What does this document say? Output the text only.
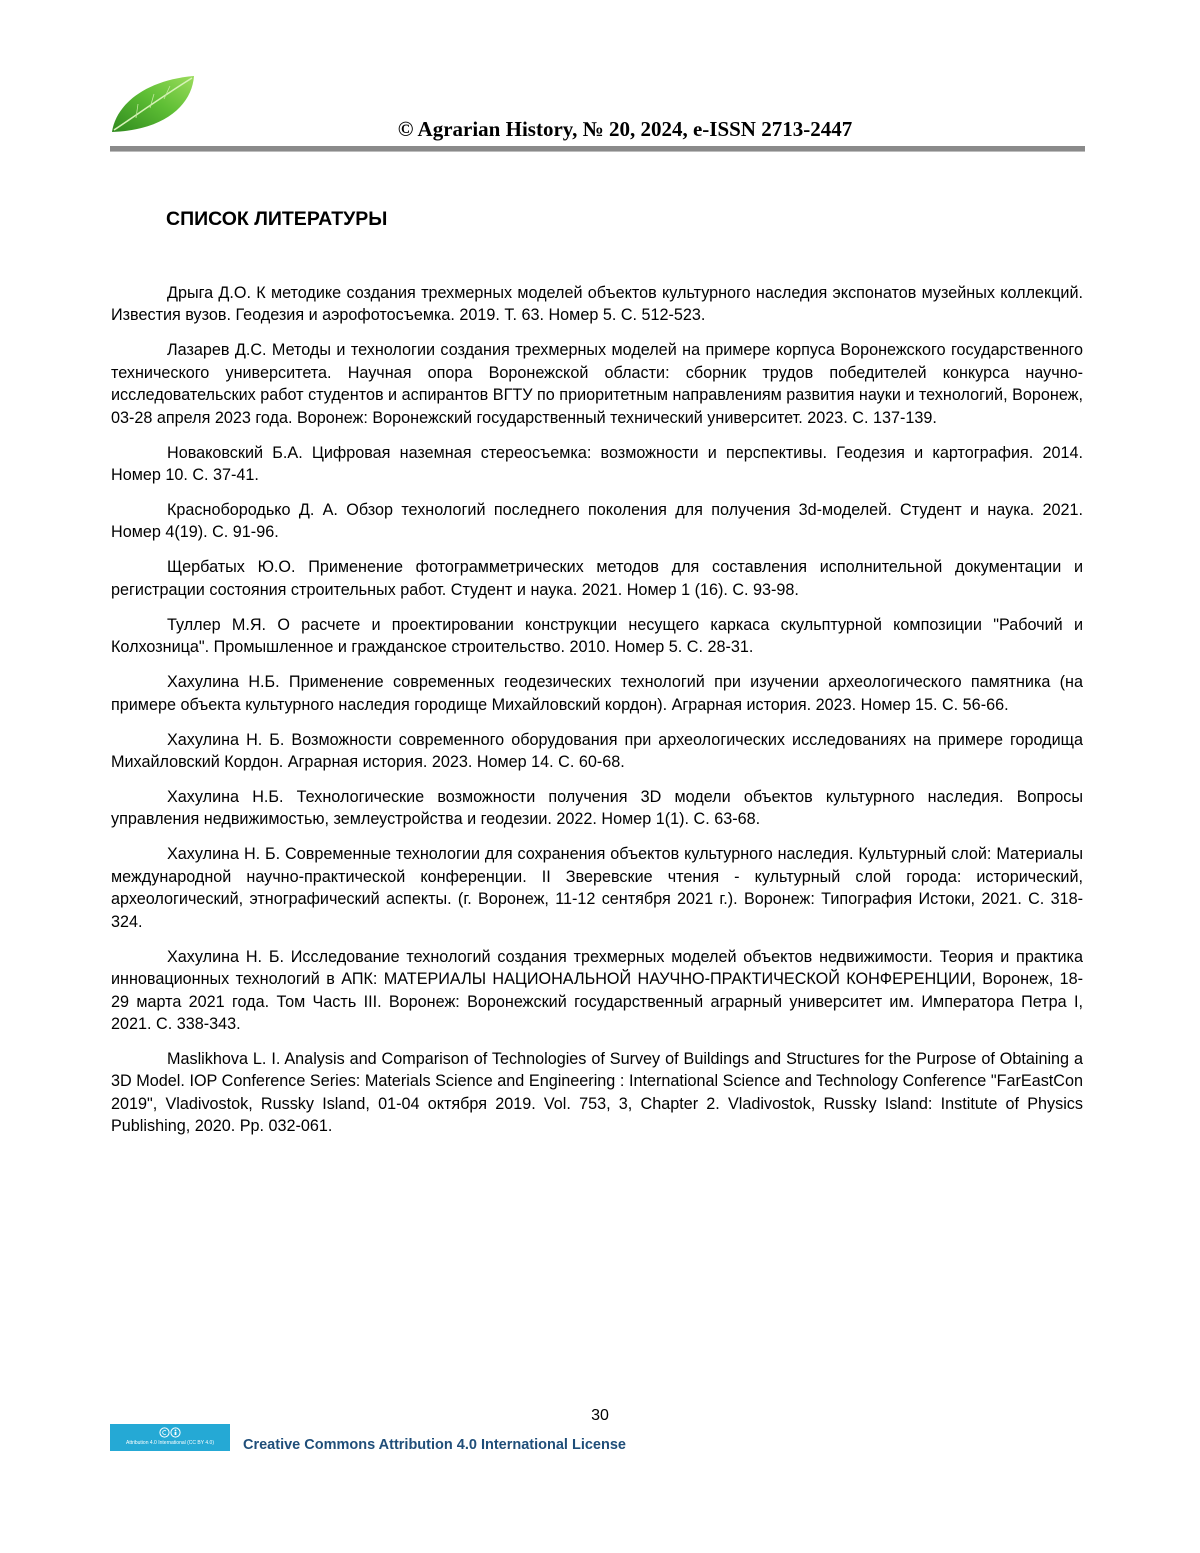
© Agrarian History, № 20, 2024, e-ISSN 2713-2447
СПИСОК ЛИТЕРАТУРЫ
Дрыга Д.О. К методике создания трехмерных моделей объектов культурного наследия экспонатов музейных коллекций. Известия вузов. Геодезия и аэрофотосъемка. 2019. Т. 63. Номер 5. С. 512-523.
Лазарев Д.С. Методы и технологии создания трехмерных моделей на примере корпуса Воронежского государственного технического университета. Научная опора Воронежской области: сборник трудов победителей конкурса научно-исследовательских работ студентов и аспирантов ВГТУ по приоритетным направлениям развития науки и технологий, Воронеж, 03-28 апреля 2023 года. Воронеж: Воронежский государственный технический университет. 2023. С. 137-139.
Новаковский Б.А. Цифровая наземная стереосъемка: возможности и перспективы. Геодезия и картография. 2014. Номер 10. С. 37-41.
Краснобородько Д. А. Обзор технологий последнего поколения для получения 3d-моделей. Студент и наука. 2021. Номер 4(19). С. 91-96.
Щербатых Ю.О. Применение фотограмметрических методов для составления исполнительной документации и регистрации состояния строительных работ. Студент и наука. 2021. Номер 1 (16). С. 93-98.
Туллер М.Я. О расчете и проектировании конструкции несущего каркаса скульптурной композиции "Рабочий и Колхозница". Промышленное и гражданское строительство. 2010. Номер 5. С. 28-31.
Хахулина Н.Б. Применение современных геодезических технологий при изучении археологического памятника (на примере объекта культурного наследия городище Михайловский кордон). Аграрная история. 2023. Номер 15. С. 56-66.
Хахулина Н. Б. Возможности современного оборудования при археологических исследованиях на примере городища Михайловский Кордон. Аграрная история. 2023. Номер 14. С. 60-68.
Хахулина Н.Б. Технологические возможности получения 3D модели объектов культурного наследия. Вопросы управления недвижимостью, землеустройства и геодезии. 2022. Номер 1(1). С. 63-68.
Хахулина Н. Б. Современные технологии для сохранения объектов культурного наследия. Культурный слой: Материалы международной научно-практической конференции. II Зверевские чтения - культурный слой города: исторический, археологический, этнографический аспекты. (г. Воронеж, 11-12 сентября 2021 г.). Воронеж: Типография Истоки, 2021. С. 318-324.
Хахулина Н. Б. Исследование технологий создания трехмерных моделей объектов недвижимости. Теория и практика инновационных технологий в АПК: МАТЕРИАЛЫ НАЦИОНАЛЬНОЙ НАУЧНО-ПРАКТИЧЕСКОЙ КОНФЕРЕНЦИИ, Воронеж, 18-29 марта 2021 года. Том Часть III. Воронеж: Воронежский государственный аграрный университет им. Императора Петра I, 2021. С. 338-343.
Maslikhova L. I. Analysis and Comparison of Technologies of Survey of Buildings and Structures for the Purpose of Obtaining a 3D Model. IOP Conference Series: Materials Science and Engineering : International Science and Technology Conference "FarEastCon 2019", Vladivostok, Russky Island, 01-04 октября 2019. Vol. 753, 3, Chapter 2. Vladivostok, Russky Island: Institute of Physics Publishing, 2020. Pp. 032-061.
30
Attribution 4.0 International (CC BY 4.0)	Creative Commons Attribution 4.0 International License
